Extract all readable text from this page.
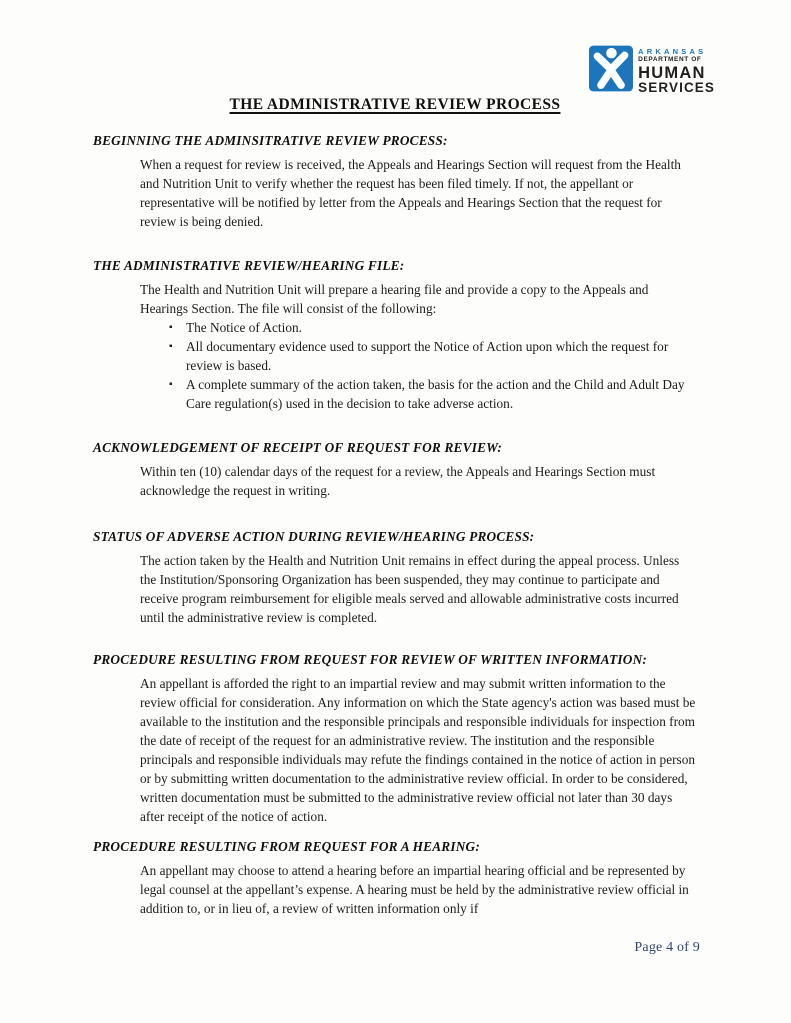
ARKANSAS
DEPARTMENT OF
HUMAN
SERVICES
THE ADMINISTRATIVE REVIEW PROCESS
BEGINNING THE ADMINSITRATIVE REVIEW PROCESS:

When a request for review is received, the Appeals and Hearings Section will request from the Health and Nutrition Unit to verify whether the request has been filed timely. If not, the appellant or representative will be notified by letter from the Appeals and Hearings Section that the request for review is being denied.

THE ADMINISTRATIVE REVIEW/HEARING FILE:

The Health and Nutrition Unit will prepare a hearing file and provide a copy to the Appeals and Hearings Section. The file will consist of the following:

▪ The Notice of Action.
▪ All documentary evidence used to support the Notice of Action upon which the request for review is based.
▪ A complete summary of the action taken, the basis for the action and the Child and Adult Day Care regulation(s) used in the decision to take adverse action.
ACKNOWLEDGEMENT OF RECEIPT OF REQUEST FOR REVIEW:

Within ten (10) calendar days of the request for a review, the Appeals and Hearings Section must acknowledge the request in writing.

STATUS OF ADVERSE ACTION DURING REVIEW/HEARING PROCESS:

The action taken by the Health and Nutrition Unit remains in effect during the appeal process. Unless the Institution/Sponsoring Organization has been suspended, they may continue to participate and receive program reimbursement for eligible meals served and allowable administrative costs incurred until the administrative review is completed.

PROCEDURE RESULTING FROM REQUEST FOR REVIEW OF WRITTEN INFORMATION:

An appellant is afforded the right to an impartial review and may submit written information to the review official for consideration. Any information on which the State agency's action was based must be available to the institution and the responsible principals and responsible individuals for inspection from the date of receipt of the request for an administrative review. The institution and the responsible principals and responsible individuals may refute the findings contained in the notice of action in person or by submitting written documentation to the administrative review official. In order to be considered, written documentation must be submitted to the administrative review official not later than 30 days after receipt of the notice of action.

PROCEDURE RESULTING FROM REQUEST FOR A HEARING:

An appellant may choose to attend a hearing before an impartial hearing official and be represented by legal counsel at the appellant’s expense. A hearing must be held by the administrative review official in addition to, or in lieu of, a review of written information only if

Page 4 of 9
